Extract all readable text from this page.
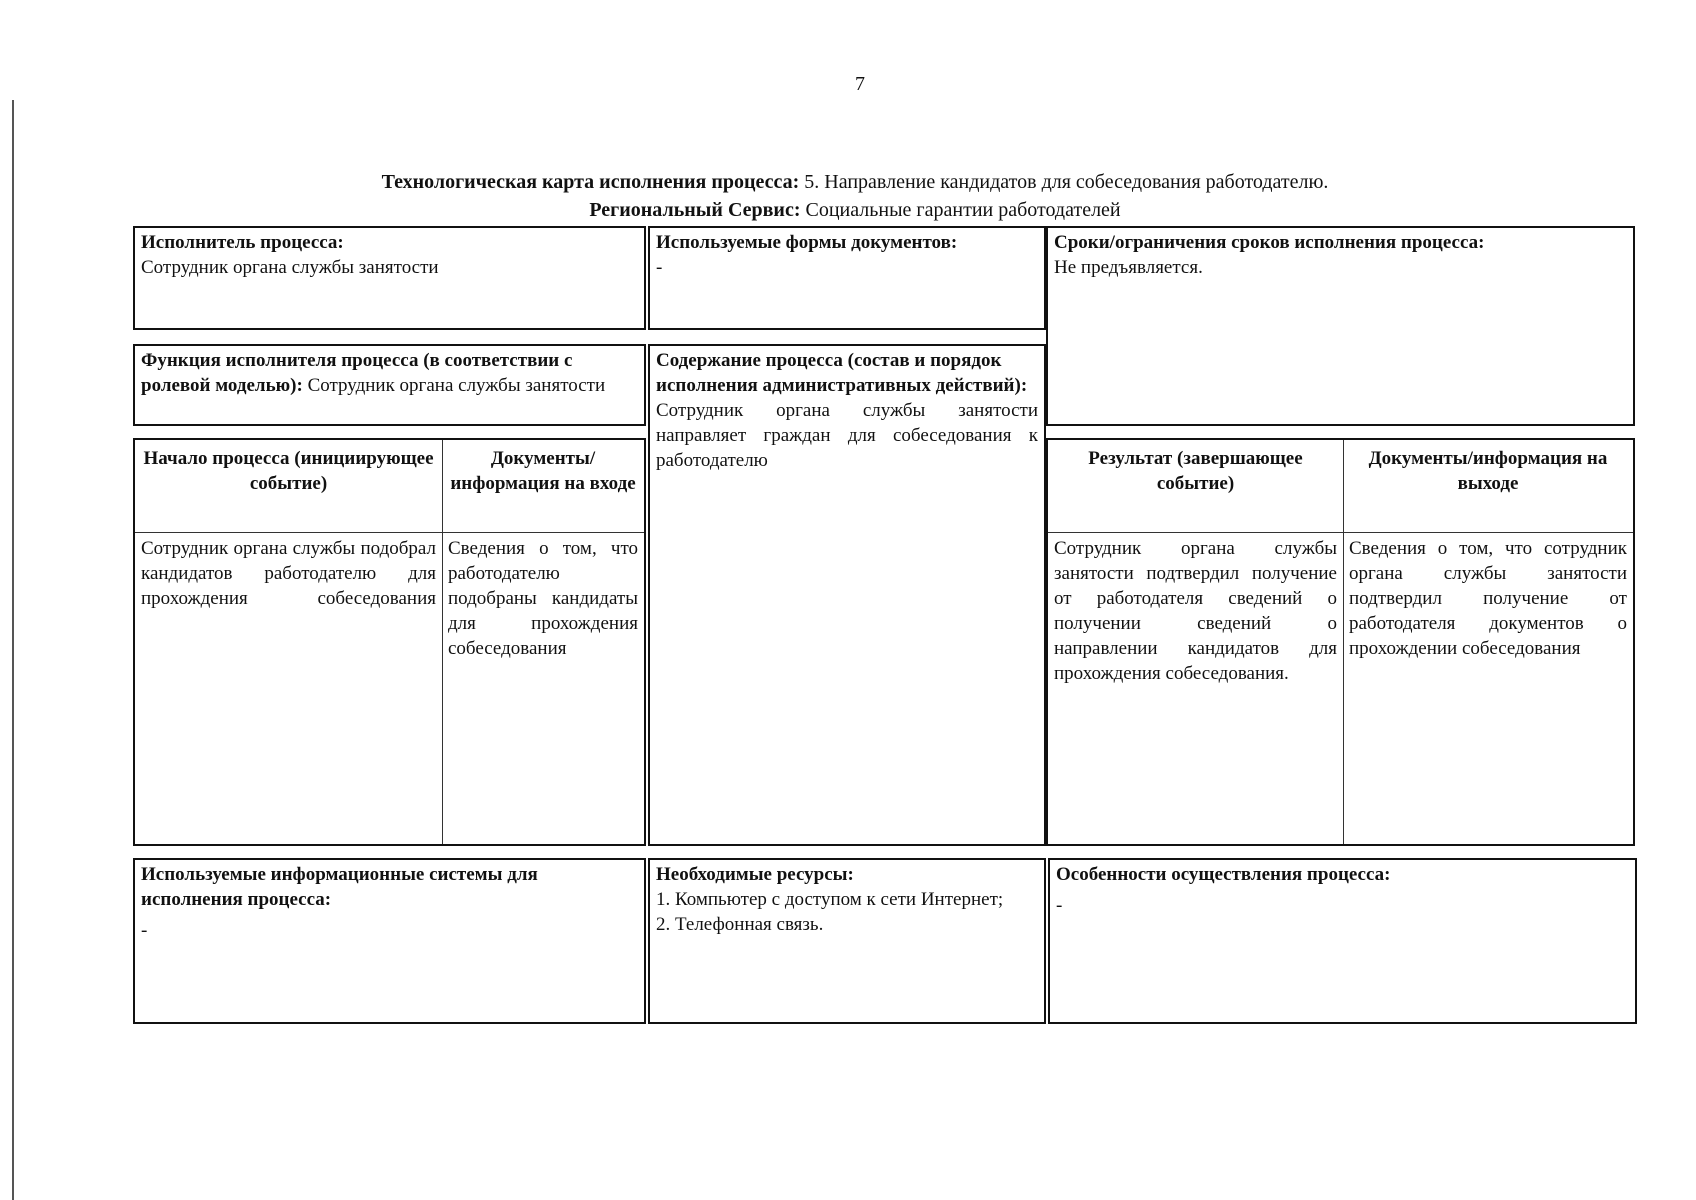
7
Технологическая карта исполнения процесса: 5. Направление кандидатов для собеседования работодателю.
Региональный Сервис: Социальные гарантии работодателей
Исполнитель процесса:
Сотрудник органа службы занятости
Используемые формы документов:
-
Сроки/ограничения сроков исполнения процесса:
Не предъявляется.
Функция исполнителя процесса (в соответствии с ролевой моделью): Сотрудник органа службы занятости
Содержание процесса (состав и порядок исполнения административных действий):
Сотрудник органа службы занятости направляет граждан для собеседования к работодателю
Начало процесса (инициирующее событие)
Документы/информация на входе
Сотрудник органа службы подобрал кандидатов работодателю для прохождения собеседования
Сведения о том, что работодателю подобраны кандидаты для прохождения собеседования
Результат (завершающее событие)
Документы/информация на выходе
Сотрудник органа службы занятости подтвердил получение от работодателя сведений о получении сведений о направлении кандидатов для прохождения собеседования.
Сведения о том, что сотрудник органа службы занятости подтвердил получение от работодателя документов о прохождении собеседования
Используемые информационные системы для исполнения процесса:
-
Необходимые ресурсы:
1. Компьютер с доступом к сети Интернет;
2. Телефонная связь.
Особенности осуществления процесса:
-
